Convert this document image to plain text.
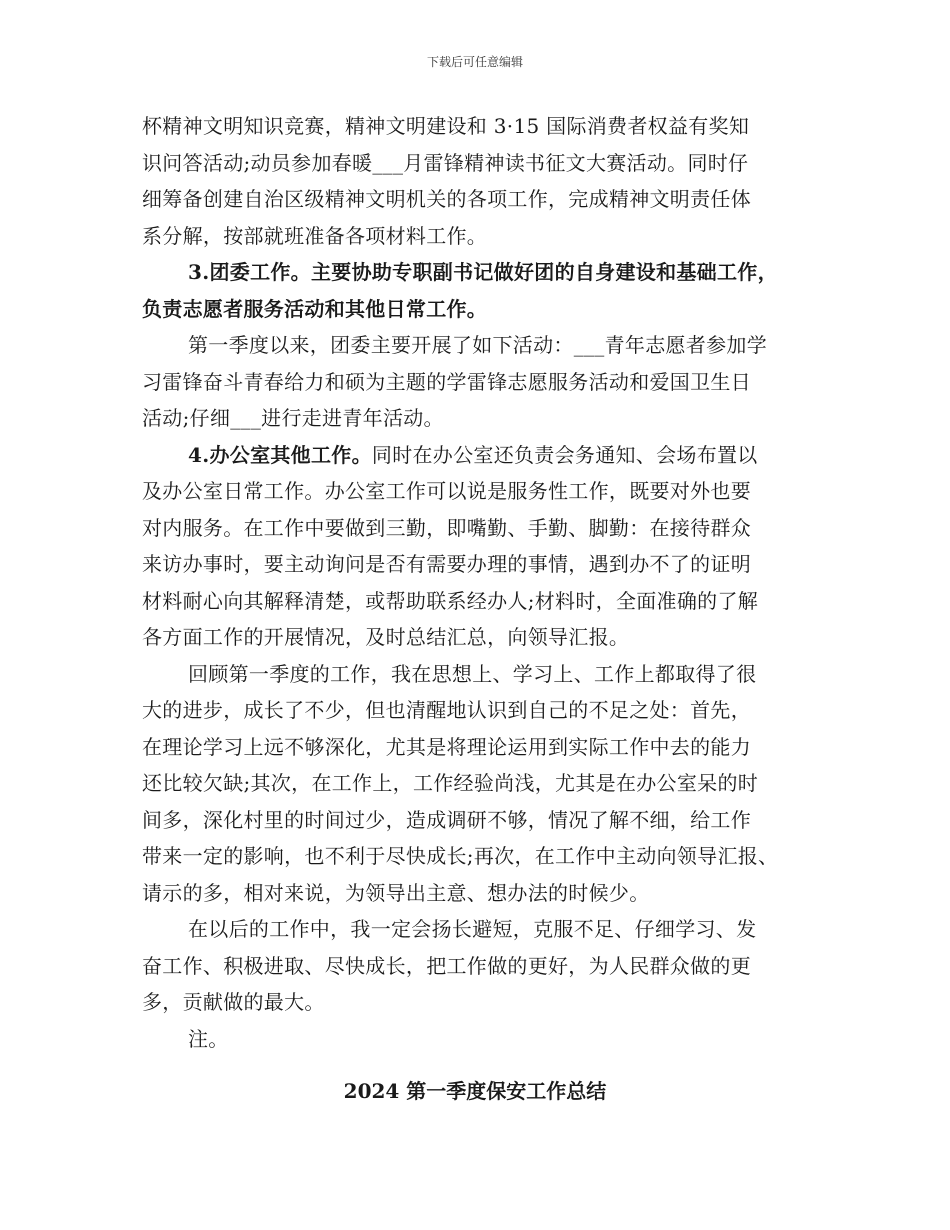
下载后可任意编辑
杯精神文明知识竞赛，精神文明建设和 3·15 国际消费者权益有奖知
识问答活动;动员参加春暖___月雷锋精神读书征文大赛活动。同时仔
细筹备创建自治区级精神文明机关的各项工作，完成精神文明责任体
系分解，按部就班准备各项材料工作。
3.团委工作。主要协助专职副书记做好团的自身建设和基础工作，
负责志愿者服务活动和其他日常工作。
第一季度以来，团委主要开展了如下活动：___青年志愿者参加学
习雷锋奋斗青春给力和硕为主题的学雷锋志愿服务活动和爱国卫生日
活动;仔细___进行走进青年活动。
4.办公室其他工作。同时在办公室还负责会务通知、会场布置以
及办公室日常工作。办公室工作可以说是服务性工作，既要对外也要
对内服务。在工作中要做到三勤，即嘴勤、手勤、脚勤：在接待群众
来访办事时，要主动询问是否有需要办理的事情，遇到办不了的证明
材料耐心向其解释清楚，或帮助联系经办人;材料时，全面准确的了解
各方面工作的开展情况，及时总结汇总，向领导汇报。
回顾第一季度的工作，我在思想上、学习上、工作上都取得了很
大的进步，成长了不少，但也清醒地认识到自己的不足之处：首先，
在理论学习上远不够深化，尤其是将理论运用到实际工作中去的能力
还比较欠缺;其次，在工作上，工作经验尚浅，尤其是在办公室呆的时
间多，深化村里的时间过少，造成调研不够，情况了解不细，给工作
带来一定的影响，也不利于尽快成长;再次，在工作中主动向领导汇报、
请示的多，相对来说，为领导出主意、想办法的时候少。
在以后的工作中，我一定会扬长避短，克服不足、仔细学习、发
奋工作、积极进取、尽快成长，把工作做的更好，为人民群众做的更
多，贡献做的最大。
注。
2024 第一季度保安工作总结
